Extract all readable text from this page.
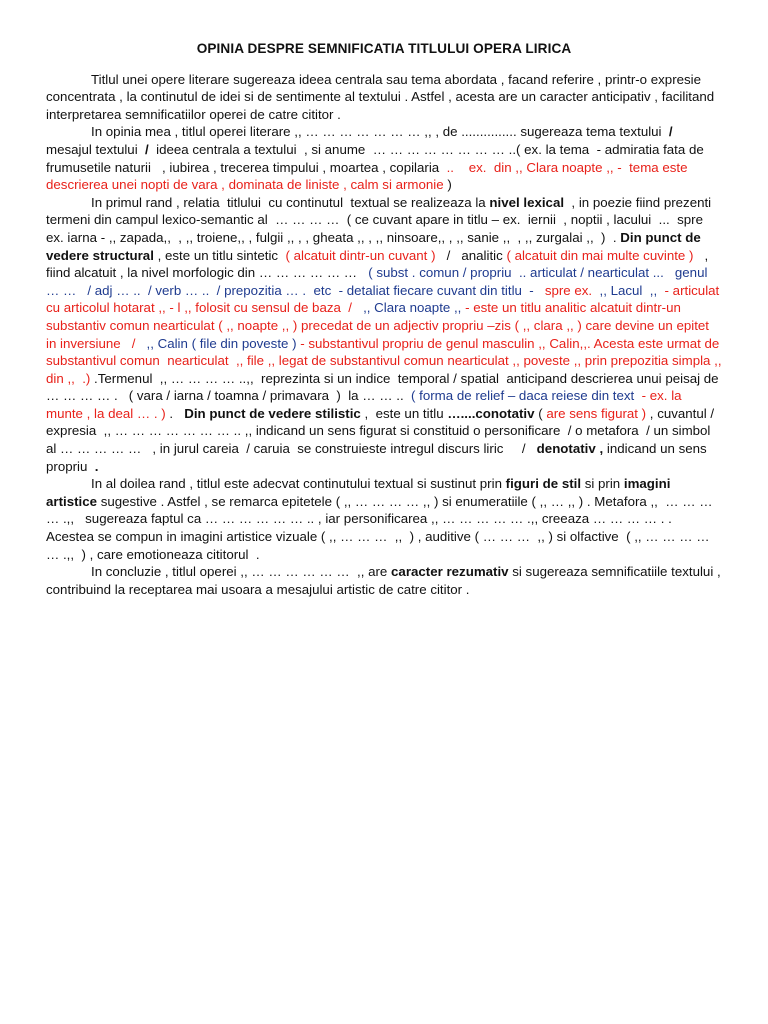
OPINIA DESPRE SEMNIFICATIA TITLULUI OPERA LIRICA

Titlul unei opere literare sugereaza ideea centrala sau tema abordata , facand referire , printr-o expresie concentrata , la continutul de idei si de sentimente al textului . Astfel , acesta are un caracter anticipativ , facilitand interpretarea semnificatiilor operei de catre cititor .

In opinia mea , titlul operei literare ,, … … … … … … … ,, , de ............... sugereaza tema textului  / mesajul textului  /  ideea centrala a textului  , si anume  … … … … … … … … ..( ex. la tema  - admiratia fata de frumusetile naturii   , iubirea , trecerea timpului , moartea , copilaria  ..    ex.  din ,, Clara noapte ,, -  tema este descrierea unei nopti de vara , dominata de liniste , calm si armonie )

In primul rand , relatia  titlului  cu continutul  textual se realizeaza la nivel lexical  , in poezie fiind prezenti termeni din campul lexico-semantic al  … … … …  ( ce cuvant apare in titlu – ex.  iernii  , noptii , lacului  ...  spre ex. iarna - ,, zapada,,  , ,, troiene,, , fulgii ,, , , gheata ,, , ,, ninsoare,, , ,, sanie ,,  , ,, zurgalai ,,  )  . Din punct de vedere structural , este un titlu sintetic  ( alcatuit dintr-un cuvant )   /   analitic ( alcatuit din mai multe cuvinte )   , fiind alcatuit , la nivel morfologic din … … … … … …   ( subst . comun / propriu  .. articulat / nearticulat ...   genul … …   / adj … ..  / verb … ..  / prepozitia … .  etc  - detaliat fiecare cuvant din titlu  -   spre ex.  ,, Lacul  ,,  - articulat cu articolul hotarat ,, - l ,, folosit cu sensul de baza  /   ,, Clara noapte ,, - este un titlu analitic alcatuit dintr-un substantiv comun nearticulat ( ,, noapte ,, ) precedat de un adjectiv propriu –zis ( ,, clara ,, ) care devine un epitet in inversiune   /   ,, Calin ( file din poveste ) - substantivul propriu de genul masculin ,, Calin,,. Acesta este urmat de substantivul comun  nearticulat  ,, file ,, legat de substantivul comun nearticulat ,, poveste ,, prin prepozitia simpla ,, din ,,  .) .Termenul  ,, … … … … ..,,  reprezinta si un indice  temporal / spatial  anticipand descrierea unui peisaj de … … … … .   ( vara / iarna / toamna / primavara  )  la … … ..  ( forma de relief – daca reiese din text  - ex. la munte , la deal … . ) .   Din punct de vedere stilistic ,  este un titlu …....conotativ ( are sens figurat ) , cuvantul / expresia  ,, … … … … … … … .. ,, indicand un sens figurat si constituid o personificare  / o metafora  / un simbol al … … … … …   , in jurul careia  / caruia  se construieste intregul discurs liric     /   denotativ , indicand un sens propriu  .

In al doilea rand , titlul este adecvat continutului textual si sustinut prin figuri de stil si prin imagini artistice sugestive . Astfel , se remarca epitetele ( ,, … … … … ,, ) si enumeratiile ( ,, … ,, ) . Metafora ,,  … … … … .,,   sugereaza faptul ca … … … … … … .. , iar personificarea ,, … … … … … .,, creeaza … … … … . . Acestea se compun in imagini artistice vizuale ( ,, … … …  ,,  ) , auditive ( … … …  ,, ) si olfactive  ( ,, … … … … … .,,  ) , care emotioneaza cititorul  .

In concluzie , titlul operei ,, … … … … … …  ,, are caracter rezumativ si sugereaza semnificatiile textului , contribuind la receptarea mai usoara a mesajului artistic de catre cititor .
